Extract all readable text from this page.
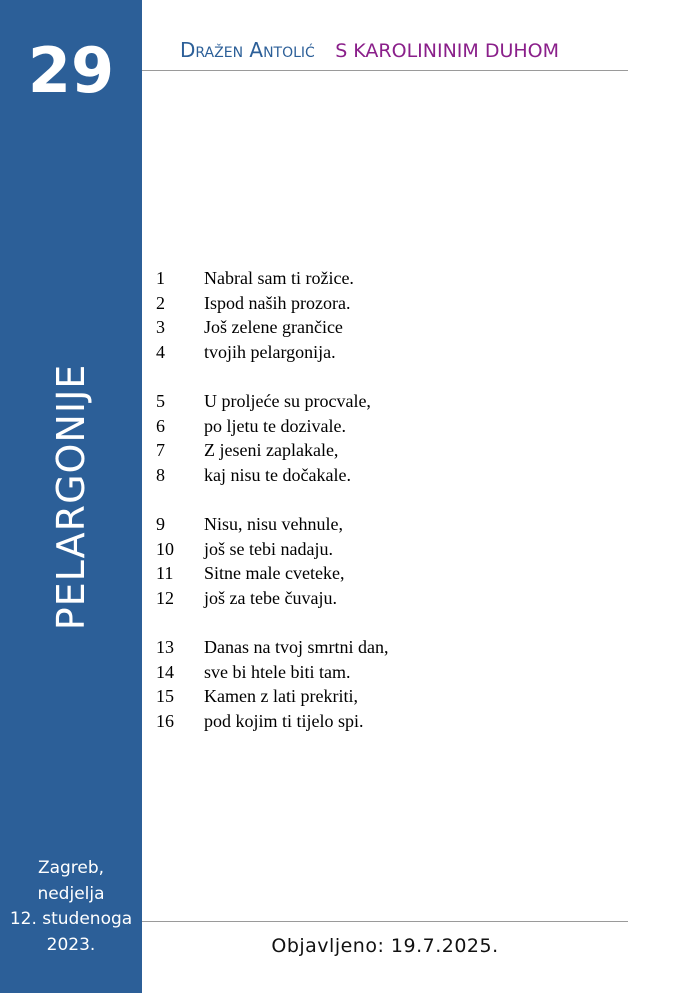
29
PELARGONIJE
Zagreb,
nedjelja
12. studenoga
2023.
Dražen Antolić S KAROLININIM DUHOM
1	Nabral sam ti rožice.
2	Ispod naših prozora.
3	Još zelene grančice
4	tvojih pelargonija.
5	U proljeće su procvale,
6	po ljetu te dozivale.
7	Z jeseni zaplakale,
8	kaj nisu te dočakale.
9	Nisu, nisu vehnule,
10	još se tebi nadaju.
11	Sitne male cveteke,
12	još za tebe čuvaju.
13	Danas na tvoj smrtni dan,
14	sve bi htele biti tam.
15	Kamen z lati prekriti,
16	pod kojim ti tijelo spi.
Objavljeno: 19.7.2025.
